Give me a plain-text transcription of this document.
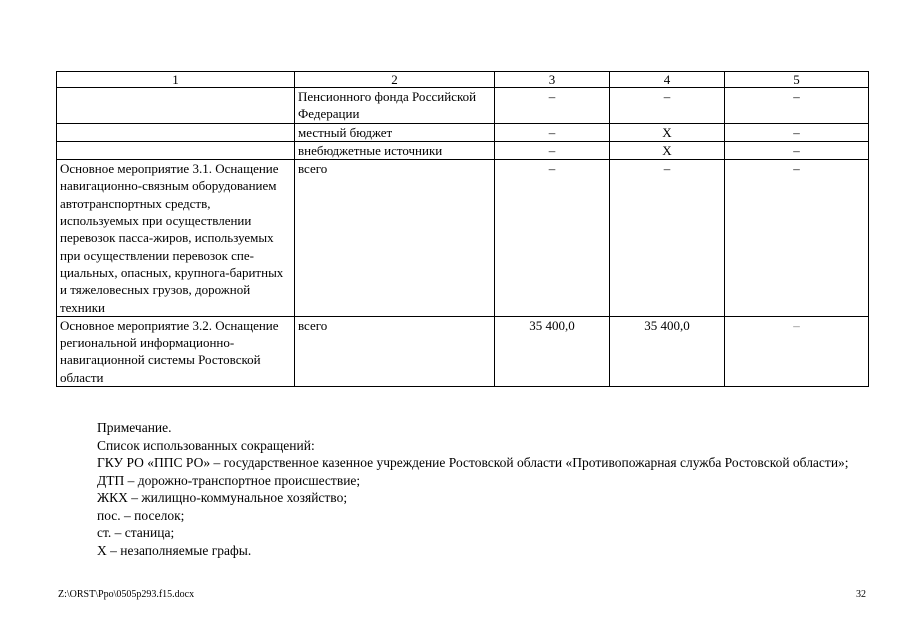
1	2	3	4	5
	Пенсионного фонда Российской Федерации	–	–	–
	местный бюджет	–	Х	–
	внебюджетные источники	–	Х	–
Основное мероприятие 3.1. Оснащение навигационно-связным оборудованием автотранспортных средств, используемых при осуществлении перевозок пасса-жиров, используемых при осуществлении перевозок спе-циальных, опасных, крупнога-баритных и тяжеловесных грузов, дорожной техники	всего	–	–	–
Основное мероприятие 3.2. Оснащение региональной информационно-навигационной системы Ростовской области	всего	35 400,0	35 400,0	–

Примечание.

Список использованных сокращений:

ГКУ РО «ППС РО» – государственное казенное учреждение Ростовской области «Противопожарная служба Ростовской области»;

ДТП – дорожно-транспортное происшествие;

ЖКХ – жилищно-коммунальное хозяйство;

пос. – поселок;

ст. – станица;

Х – незаполняемые графы.

Z:\ORST\Ppo\0505p293.f15.docx	32
